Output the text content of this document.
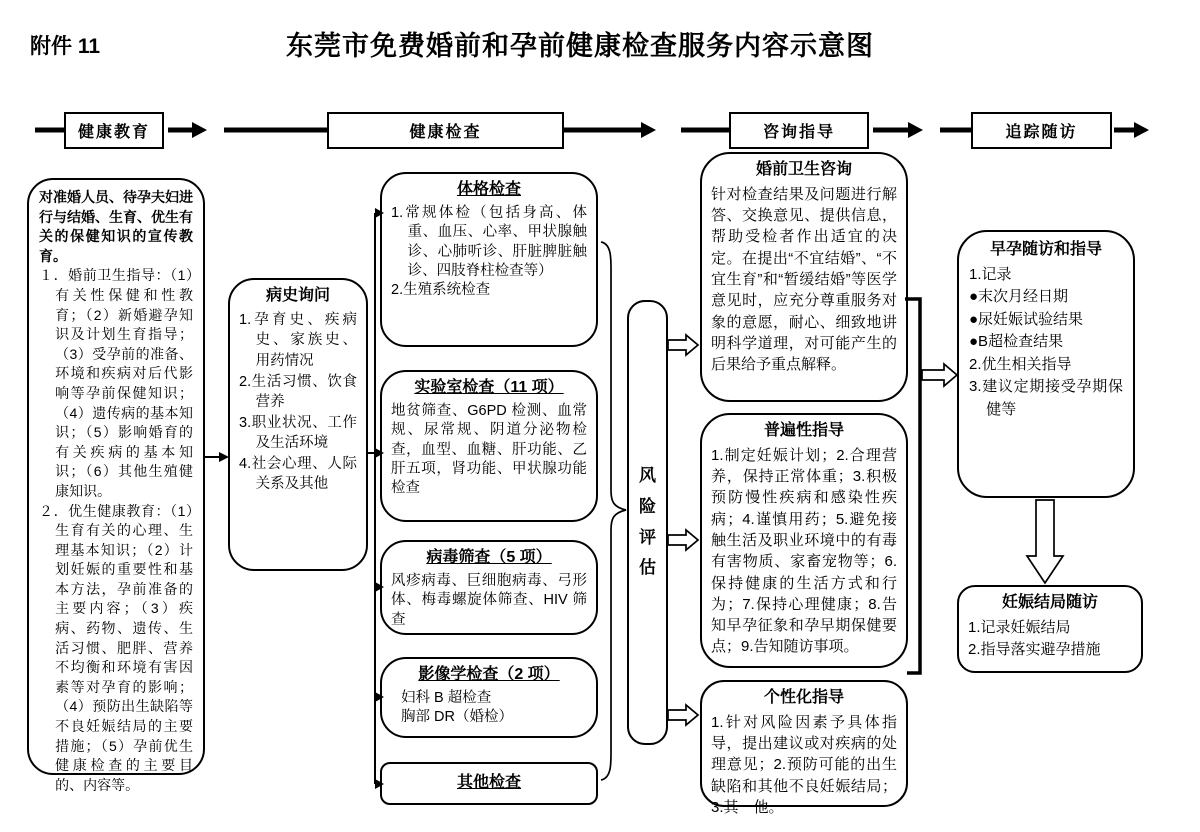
附件 11	东莞市免费婚前和孕前健康检查服务内容示意图
健康教育	健康检查	咨询指导	追踪随访
对准婚人员、待孕夫妇进行与结婚、生育、优生有关的保健知识的宣传教育。
１．婚前卫生指导：（1）有关性保健和性教育；（2）新婚避孕知识及计划生育指导；（3）受孕前的准备、环境和疾病对后代影响等孕前保健知识；（4）遗传病的基本知识；（5）影响婚育的有关疾病的基本知识；（6）其他生殖健康知识。
２．优生健康教育：（1）生育有关的心理、生理基本知识；（2）计划妊娠的重要性和基本方法，孕前准备的主要内容；（3）疾病、药物、遗传、生活习惯、肥胖、营养不均衡和环境有害因素等对孕育的影响；（4）预防出生缺陷等不良妊娠结局的主要措施；（5）孕前优生健康检查的主要目的、内容等。
病史询问
1.孕育史、疾病史、家族史、用药情况
2.生活习惯、饮食营养
3.职业状况、工作及生活环境
4.社会心理、人际关系及其他
体格检查
1.常规体检（包括身高、体重、血压、心率、甲状腺触诊、心肺听诊、肝脏脾脏触诊、四肢脊柱检查等）
2.生殖系统检查
实验室检查（11 项）
地贫筛查、G6PD 检测、血常规、尿常规、阴道分泌物检查，血型、血糖、肝功能、乙肝五项，肾功能、甲状腺功能检查
病毒筛查（5 项）
风疹病毒、巨细胞病毒、弓形体、梅毒螺旋体筛查、HIV 筛查
影像学检查（2 项）
妇科 B 超检查
胸部 DR（婚检）
其他检查
风险评估
婚前卫生咨询
针对检查结果及问题进行解答、交换意见、提供信息，帮助受检者作出适宜的决定。在提出“不宜结婚”、“不宜生育”和“暂缓结婚”等医学意见时，应充分尊重服务对象的意愿，耐心、细致地讲明科学道理，对可能产生的后果给予重点解释。
普遍性指导
1.制定妊娠计划；2.合理营养，保持正常体重；3.积极预防慢性疾病和感染性疾病；4.谨慎用药；5.避免接触生活及职业环境中的有毒有害物质、家畜宠物等；6.保持健康的生活方式和行为；7.保持心理健康；8.告知早孕征象和孕早期保健要点；9.告知随访事项。
个性化指导
1.针对风险因素予具体指导，提出建议或对疾病的处理意见；2.预防可能的出生缺陷和其他不良妊娠结局；3.其　他。
早孕随访和指导
1.记录
●末次月经日期
●尿妊娠试验结果
●B超检查结果
2.优生相关指导
3.建议定期接受孕期保健等
妊娠结局随访
1.记录妊娠结局
2.指导落实避孕措施
